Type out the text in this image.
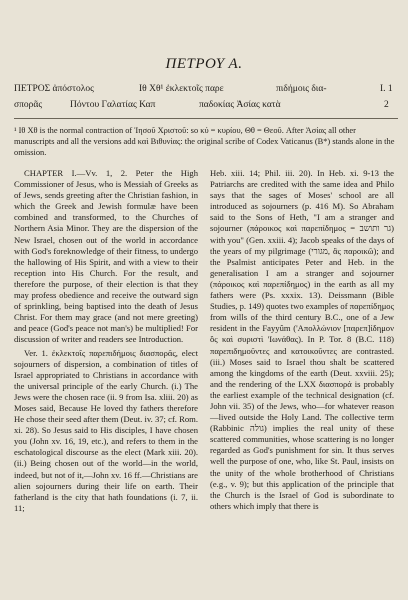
ΠΕΤΡΟΥ Α.
ΠΕΤΡΟΣ ἀπόστολος	Ιθ Χθ¹ ἐκλεκτοῖς παρε	πιδήμοις δια-	I. 1
σπορᾶς	Πόντου Γαλατίας Καπ	παδοκίας Ἀσίας κατὰ	2

¹ Ιθ Χθ is the normal contraction of Ἰησοῦ Χριστοῦ: so κύ = κυρίου, Θθ = Θεοῦ. After Ἀσίας all other manuscripts and all the versions add καὶ Βιθυνίας: the original scribe of Codex Vaticanus (B*) stands alone in the omission.

CHAPTER I.—Vv. 1, 2. Peter the High Commissioner of Jesus, who is Messiah of Greeks as of Jews, sends greeting after the Christian fashion, in which the Greek and Jewish formulæ have been combined and transformed, to the Churches of Northern Asia Minor. They are the dispersion of the New Israel, chosen out of the world in accordance with God's foreknowledge of their fitness, to undergo the hallowing of His Spirit, and with a view to their reception into His Church. For the result, and therefore the purpose, of their election is that they may profess obedience and receive the outward sign of sprinkling, being baptised into the death of Jesus Christ. For them may grace (and not mere greeting) and peace (God's peace not man's) be multiplied! For discussion of writer and readers see Introduction.

Ver. 1. ἐκλεκτοῖς παρεπιδήμοις διασπορᾶς, elect sojourners of dispersion, a combination of titles of Israel appropriated to Christians in accordance with the universal principle of the early Church. (i.) The Jews were the chosen race (ii. 9 from Isa. xliii. 20) as Moses said, Because He loved thy fathers therefore He chose their seed after them (Deut. iv. 37; cf. Rom. xi. 28). So Jesus said to His disciples, I have chosen you (John xv. 16, 19, etc.), and refers to them in the eschatological discourse as the elect (Mark xiii. 20). (ii.) Being chosen out of the world—in the world, indeed, but not of it,—John xv. 16 ff.—Christians are alien sojourners during their life on earth. Their fatherland is the city that hath foundations (i. 7, ii. 11;

Heb. xiii. 14; Phil. iii. 20). In Heb. xi. 9-13 the Patriarchs are credited with the same idea and Philo says that the sages of Moses' school are all introduced as sojourners (p. 416 M). So Abraham said to the Sons of Heth, "I am a stranger and sojourner (πάροικος καὶ παρεπίδημος = גר ותושב) with you" (Gen. xxiii. 4); Jacob speaks of the days of the years of my pilgrimage (מגורי, ἃς παροικῶ); and the Psalmist anticipates Peter and Heb. in the generalisation I am a stranger and sojourner (πάροικος καὶ παρεπίδημος) in the earth as all my fathers were (Ps. xxxix. 13). Deissmann (Bible Studies, p. 149) quotes two examples of παρεπίδημος from wills of the third century B.C., one of a Jew resident in the Fayyûm ('Απολλώνιον [παρεπ]ίδημον ὃς καὶ συριστὶ 'Ιωνάθας). In P. Tor. 8 (B.C. 118) παρεπιδημοῦντες and κατοικοῦντες are contrasted. (iii.) Moses said to Israel thou shalt be scattered among the kingdoms of the earth (Deut. xxviii. 25); and the rendering of the LXX διασπορά is probably the earliest example of the technical designation (cf. John vii. 35) of the Jews, who—for whatever reason—lived outside the Holy Land. The collective term (Rabbinic גולה) implies the real unity of these scattered communities, whose scattering is no longer regarded as God's punishment for sin. It thus serves well the purpose of one, who, like St. Paul, insists on the unity of the whole brotherhood of Christians (e.g., v. 9); but this application of the principle that the Church is the Israel of God is subordinate to others which imply that there is
